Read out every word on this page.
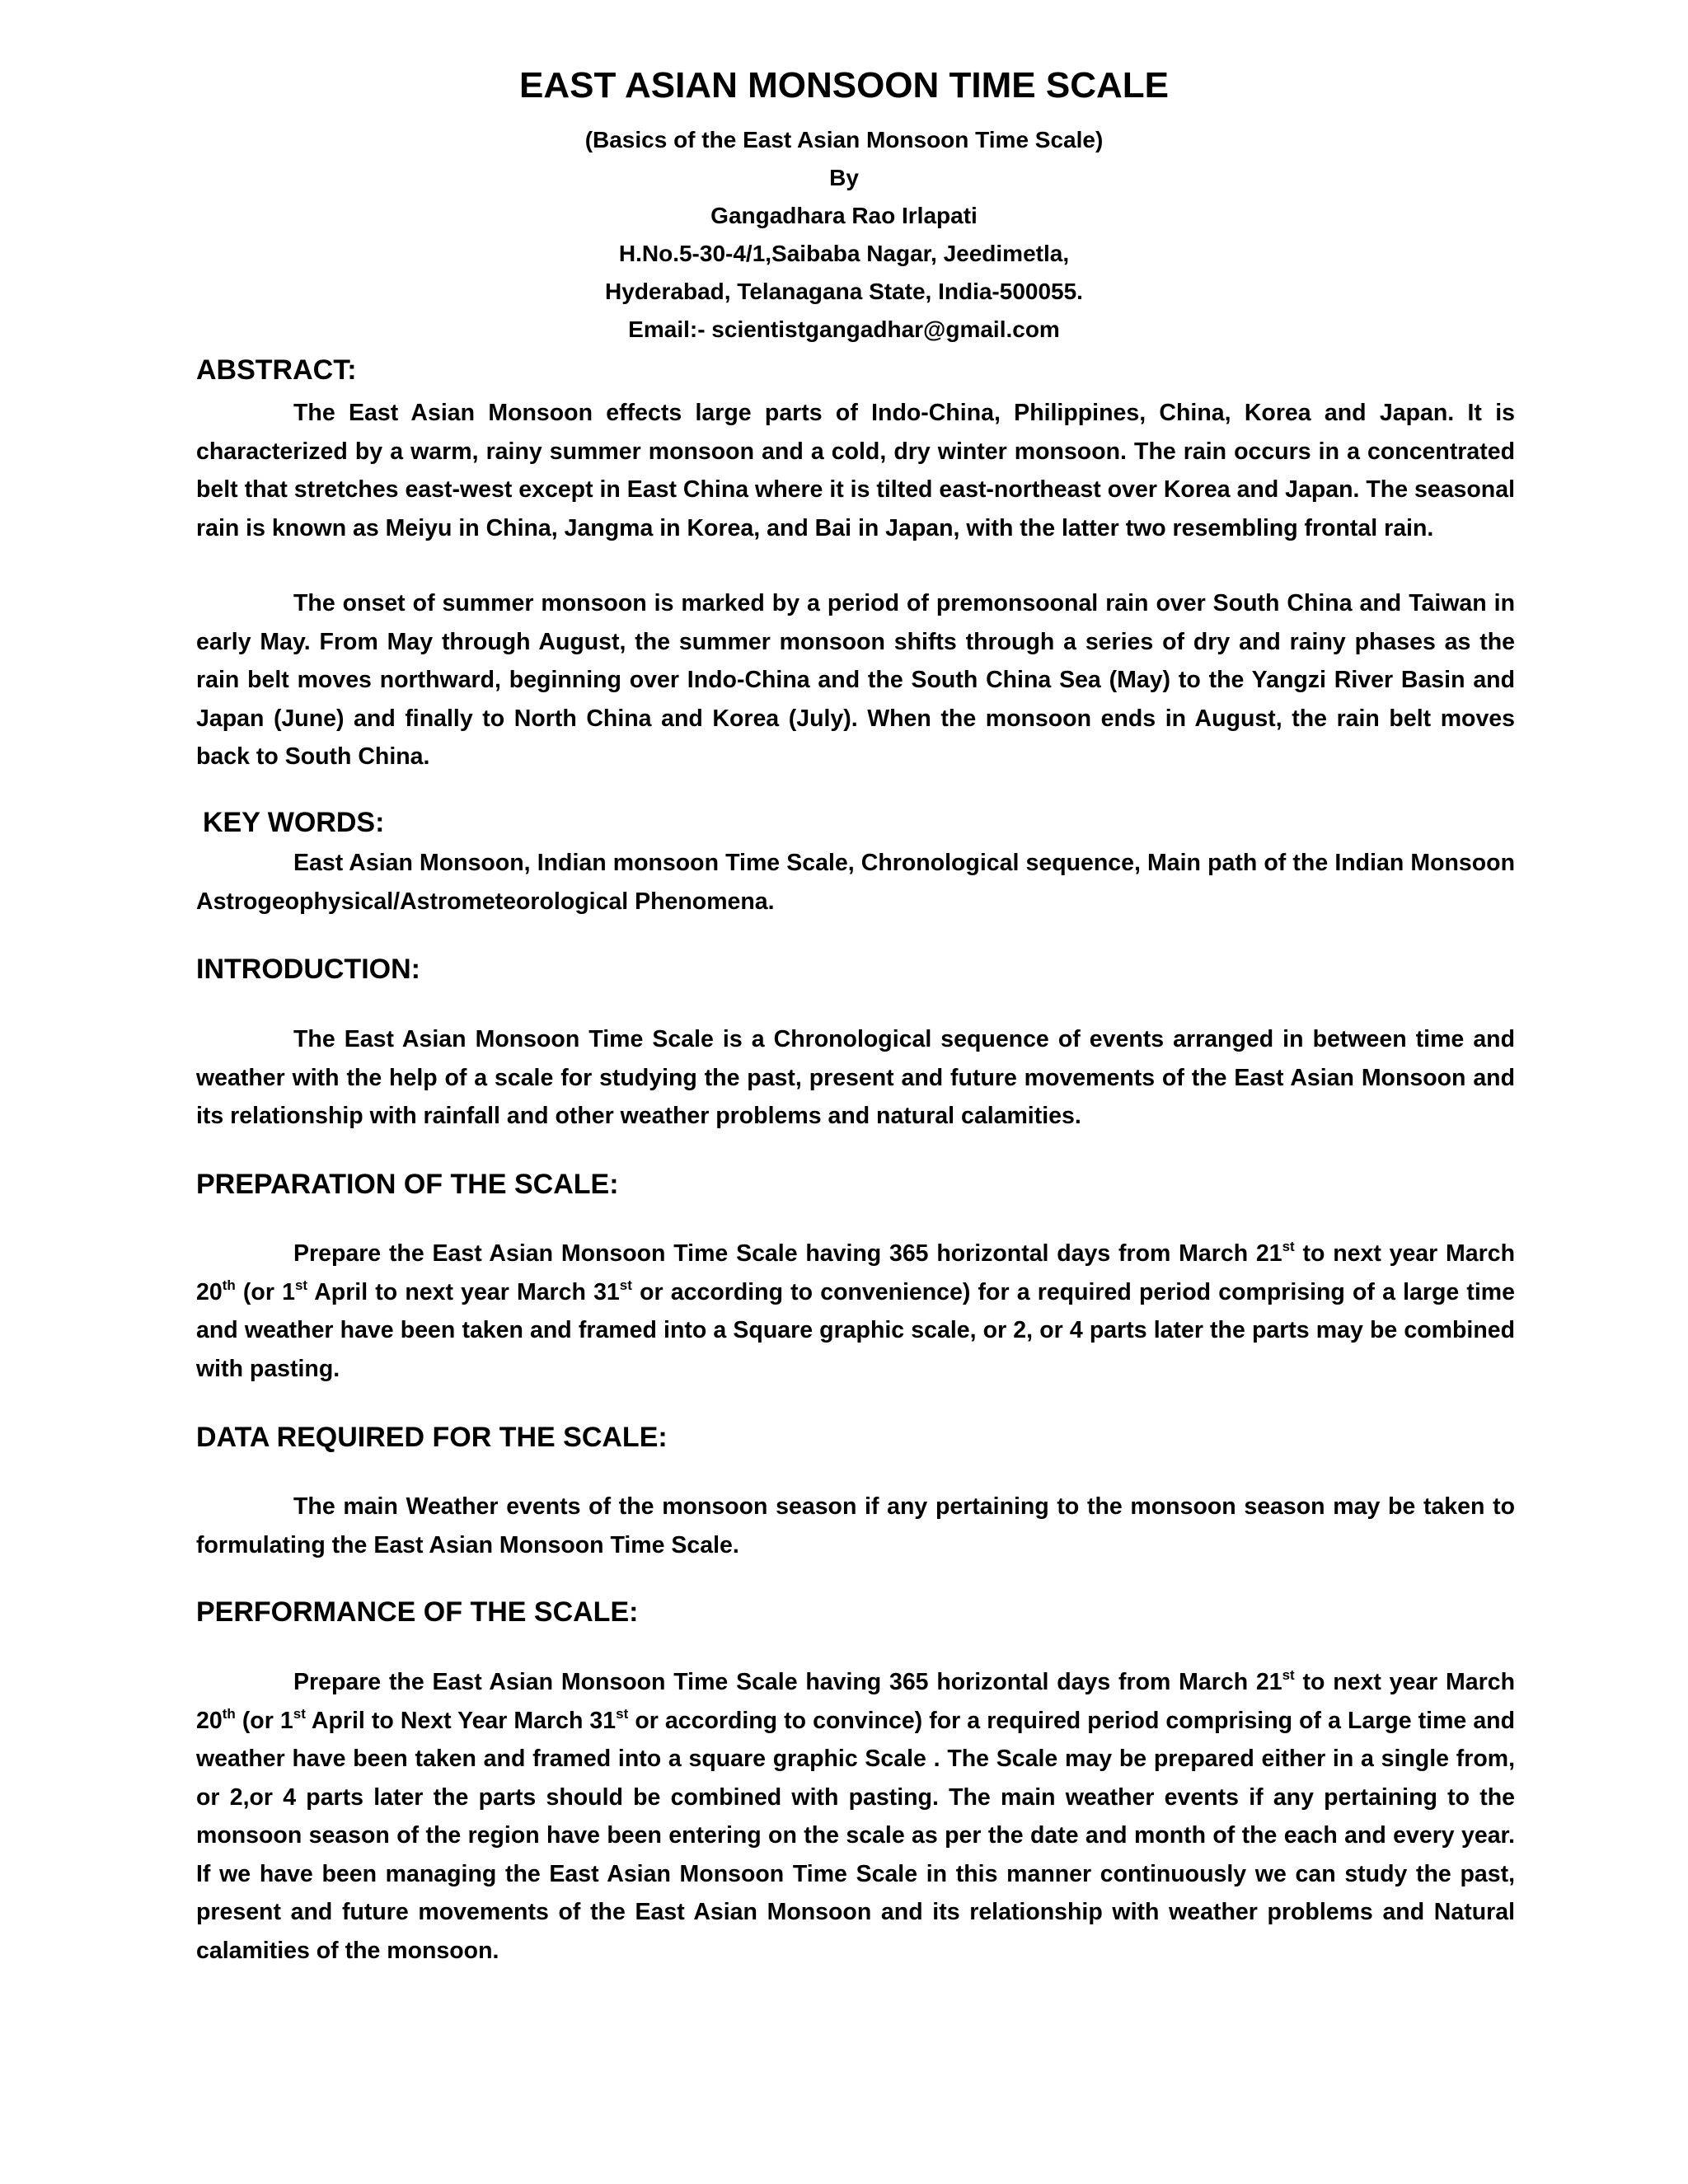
EAST ASIAN MONSOON TIME SCALE
(Basics of the East Asian Monsoon Time Scale)
By
Gangadhara Rao Irlapati
H.No.5-30-4/1,Saibaba Nagar, Jeedimetla,
Hyderabad, Telanagana State, India-500055.
Email:- scientistgangadhar@gmail.com
ABSTRACT:

The East Asian Monsoon effects large parts of Indo-China, Philippines, China, Korea and Japan. It is characterized by a warm, rainy summer monsoon and a cold, dry winter monsoon. The rain occurs in a concentrated belt that stretches east-west except in East China where it is tilted east-northeast over Korea and Japan. The seasonal rain is known as Meiyu in China, Jangma in Korea, and Bai in Japan, with the latter two resembling frontal rain.

The onset of summer monsoon is marked by a period of premonsoonal rain over South China and Taiwan in early May. From May through August, the summer monsoon shifts through a series of dry and rainy phases as the rain belt moves northward, beginning over Indo-China and the South China Sea (May) to the Yangzi River Basin and Japan (June) and finally to North China and Korea (July). When the monsoon ends in August, the rain belt moves back to South China.

KEY WORDS:

East Asian Monsoon, Indian monsoon Time Scale, Chronological sequence, Main path of the Indian Monsoon Astrogeophysical/Astrometeorological Phenomena.

INTRODUCTION:

The East Asian Monsoon Time Scale is a Chronological sequence of events arranged in between time and weather with the help of a scale for studying the past, present and future movements of the East Asian Monsoon and its relationship with rainfall and other weather problems and natural calamities.

PREPARATION OF THE SCALE:

Prepare the East Asian Monsoon Time Scale having 365 horizontal days from March 21st to next year March 20th (or 1st April to next year March 31st or according to convenience) for a required period comprising of a large time and weather have been taken and framed into a Square graphic scale, or 2, or 4 parts later the parts may be combined with pasting.

DATA REQUIRED FOR THE SCALE:

The main Weather events of the monsoon season if any pertaining to the monsoon season may be taken to formulating the East Asian Monsoon Time Scale.

PERFORMANCE OF THE SCALE:

Prepare the East Asian Monsoon Time Scale having 365 horizontal days from March 21st to next year March 20th (or 1st April to Next Year March 31st or according to convince) for a required period comprising of a Large time and weather have been taken and framed into a square graphic Scale . The Scale may be prepared either in a single from, or 2,or 4 parts later the parts should be combined with pasting. The main weather events if any pertaining to the monsoon season of the region have been entering on the scale as per the date and month of the each and every year. If we have been managing the East Asian Monsoon Time Scale in this manner continuously we can study the past, present and future movements of the East Asian Monsoon and its relationship with weather problems and Natural calamities of the monsoon.
